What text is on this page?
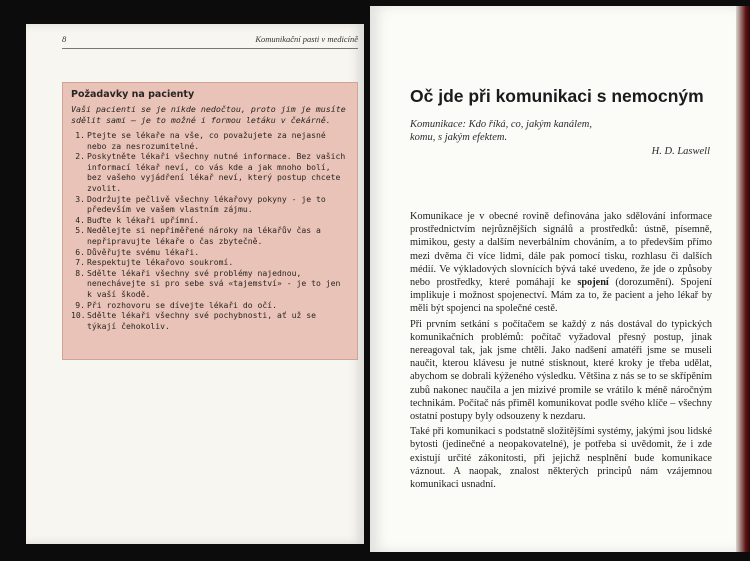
8	Komunikační pasti v medicíně
Požadavky na pacienty
Vaši pacienti se je nikde nedočtou, proto jim je musíte sdělit sami – je to možné i formou letáku v čekárně.
1. Ptejte se lékaře na vše, co považujete za nejasné nebo za nesrozumitelné.
2. Poskytněte lékaři všechny nutné informace. Bez vašich informací lékař neví, co vás kde a jak mnoho bolí, bez vašeho vyjádření lékař neví, který postup chcete zvolit.
3. Dodržujte pečlivě všechny lékařovy pokyny - je to především ve vašem vlastním zájmu.
4. Buďte k lékaři upřímní.
5. Nedělejte si nepřiměřené nároky na lékařův čas a nepřipravujte lékaře o čas zbytečně.
6. Důvěřujte svému lékaři.
7. Respektujte lékařovo soukromí.
8. Sdělte lékaři všechny své problémy najednou, nenechávejte si pro sebe svá «tajemství» - je to jen k vaší škodě.
9. Při rozhovoru se dívejte lékaři do očí.
10. Sdělte lékaři všechny své pochybnosti, ať už se týkají čehokoliv.
Oč jde při komunikaci s nemocným
Komunikace: Kdo říká, co, jakým kanálem,
komu, s jakým efektem.
H. D. Laswell

Komunikace je v obecné rovině definována jako sdělování informace prostřednictvím nejrůznějších signálů a prostředků: ústně, písemně, mimikou, gesty a dalším neverbálním chováním, a to především přímo mezi dvěma či více lidmi, dále pak pomocí tisku, rozhlasu či dalších médií. Ve výkladových slovnících bývá také uvedeno, že jde o způsoby nebo prostředky, které pomáhají ke spojení (dorozumění). Spojení implikuje i možnost spojenectví. Mám za to, že pacient a jeho lékař by měli být spojenci na společné cestě.

Při prvním setkání s počítačem se každý z nás dostával do typických komunikačních problémů: počítač vyžadoval přesný postup, jinak nereagoval tak, jak jsme chtěli. Jako nadšení amatéři jsme se museli naučit, kterou klávesu je nutné stisknout, které kroky je třeba udělat, abychom se dobrali kýženého výsledku. Většina z nás se to se skřípěním zubů nakonec naučila a jen mizivé promile se vrátilo k méně náročným technikám. Počítač nás přiměl komunikovat podle svého klíče – všechny ostatní postupy byly odsouzeny k nezdaru.

Také při komunikaci s podstatně složitějšími systémy, jakými jsou lidské bytosti (jedinečné a neopakovatelné), je potřeba si uvědomit, že i zde existují určité zákonitosti, při jejichž nesplnění bude komunikace váznout. A naopak, znalost některých principů nám vzájemnou komunikaci usnadní.
